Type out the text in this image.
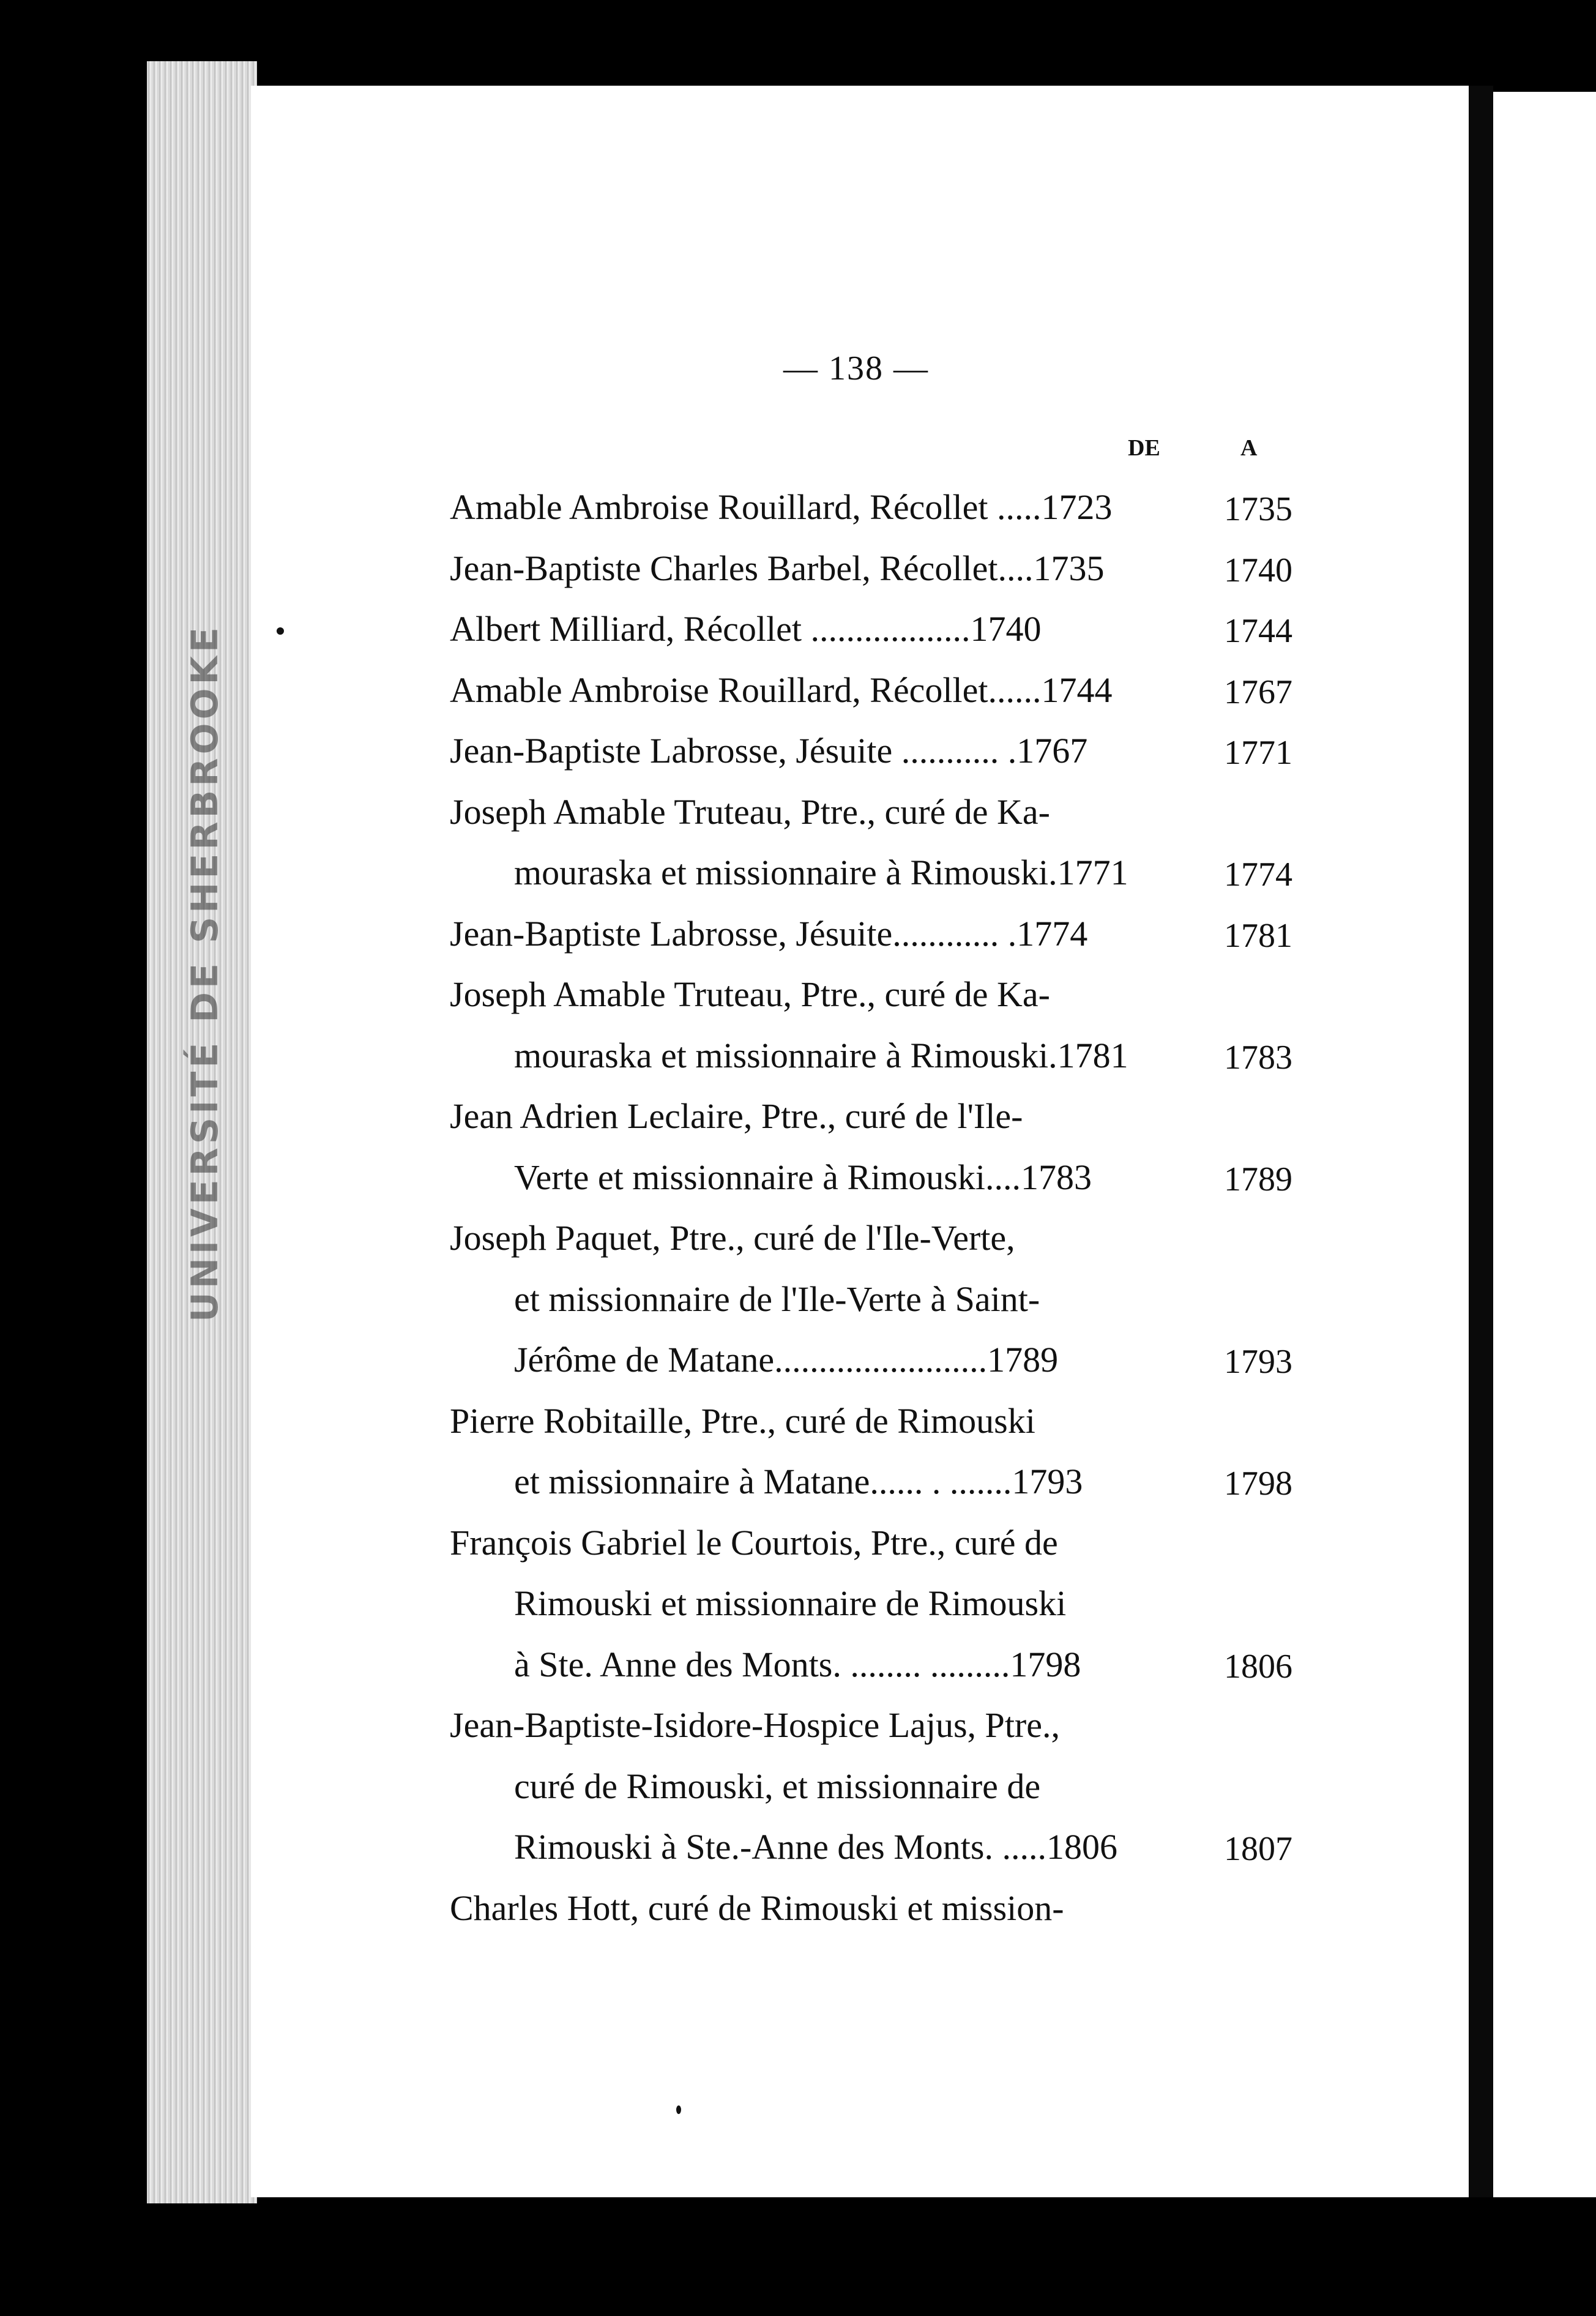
UNIVERSITÉ DE SHERBROOKE
— 138 —
DE	A
Amable Ambroise Rouillard, Récollet .....1723	1735
Jean-Baptiste Charles Barbel, Récollet....1735	1740
Albert Milliard, Récollet ..................1740	1744
Amable Ambroise Rouillard, Récollet......1744	1767
Jean-Baptiste Labrosse, Jésuite ........... .1767	1771
Joseph Amable Truteau, Ptre., curé de Ka-
mouraska et missionnaire à Rimouski.1771	1774
Jean-Baptiste Labrosse, Jésuite............ .1774	1781
Joseph Amable Truteau, Ptre., curé de Ka-
mouraska et missionnaire à Rimouski.1781	1783
Jean Adrien Leclaire, Ptre., curé de l'Ile-
Verte et missionnaire à Rimouski....1783	1789
Joseph Paquet, Ptre., curé de l'Ile-Verte,
et missionnaire de l'Ile-Verte à Saint-
Jérôme de Matane........................1789	1793
Pierre Robitaille, Ptre., curé de Rimouski
et missionnaire à Matane...... . .......1793	1798
François Gabriel le Courtois, Ptre., curé de
Rimouski et missionnaire de Rimouski
à Ste. Anne des Monts. ........ .........1798	1806
Jean-Baptiste-Isidore-Hospice Lajus, Ptre.,
curé de Rimouski, et missionnaire de
Rimouski à Ste.-Anne des Monts. .....1806	1807
Charles Hott, curé de Rimouski et mission-
